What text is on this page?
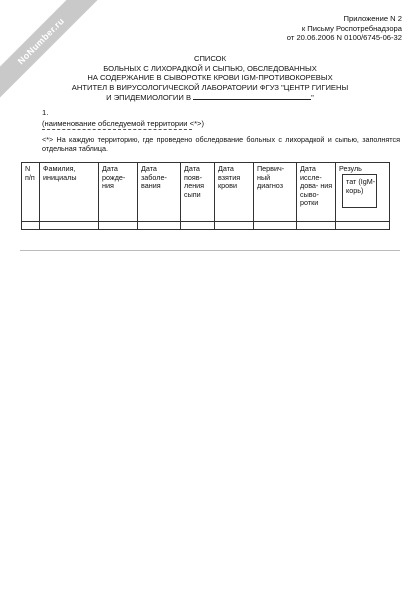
NoNumber.ru	Приложение N 2
к Письму Роспотребнадзора
от 20.06.2006 N 0100/6745-06-32
СПИСОК
БОЛЬНЫХ С ЛИХОРАДКОЙ И СЫПЬЮ, ОБСЛЕДОВАННЫХ
НА СОДЕРЖАНИЕ В СЫВОРОТКЕ КРОВИ IGM-ПРОТИВОКОРЕВЫХ
АНТИТЕЛ В ВИРУСОЛОГИЧЕСКОЙ ЛАБОРАТОРИИ ФГУЗ "ЦЕНТР ГИГИЕНЫ
И ЭПИДЕМИОЛОГИИ В	"
1.
(наименование обследуемой территории <*>)
<*> На каждую территорию, где проведено обследование больных с лихорадкой и сыпью, заполнятся отдельная таблица.
N п/п	Фамилия, инициалы	Дата рожде- ния	Дата заболе- вания	Дата появ- ления сыпи	Дата взятия крови	Первич- ный диагноз	Дата иссле- дова- ния сыво- ротки	Резуль
тат (IgM- корь)
